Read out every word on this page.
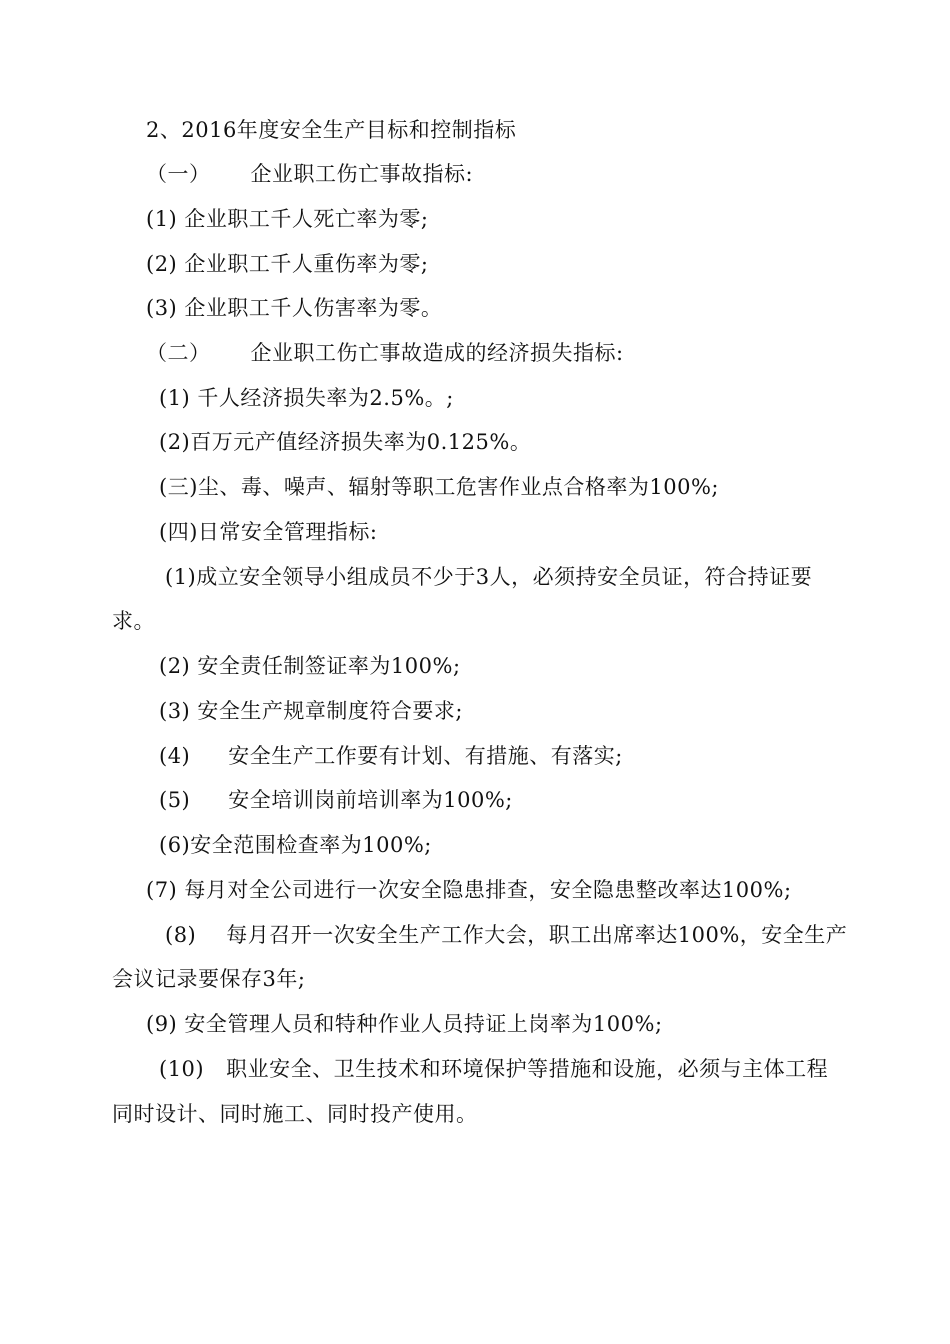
2、2016年度安全生产目标和控制指标
（一） 企业职工伤亡事故指标:
(1) 企业职工千人死亡率为零;
(2) 企业职工千人重伤率为零;
(3) 企业职工千人伤害率为零。
（二） 企业职工伤亡事故造成的经济损失指标:
(1) 千人经济损失率为2.5%。;
(2)百万元产值经济损失率为0.125%。
(三)尘、毒、噪声、辐射等职工危害作业点合格率为100%;
(四)日常安全管理指标:
(1)成立安全领导小组成员不少于3人，必须持安全员证，符合持证要
求。
(2) 安全责任制签证率为100%;
(3) 安全生产规章制度符合要求;
(4) 安全生产工作要有计划、有措施、有落实;
(5) 安全培训岗前培训率为100%;
(6)安全范围检查率为100%;
(7) 每月对全公司进行一次安全隐患排查，安全隐患整改率达100%;
(8) 每月召开一次安全生产工作大会，职工出席率达100%，安全生产
会议记录要保存3年;
(9) 安全管理人员和特种作业人员持证上岗率为100%;
(10) 职业安全、卫生技术和环境保护等措施和设施，必须与主体工程
同时设计、同时施工、同时投产使用。
